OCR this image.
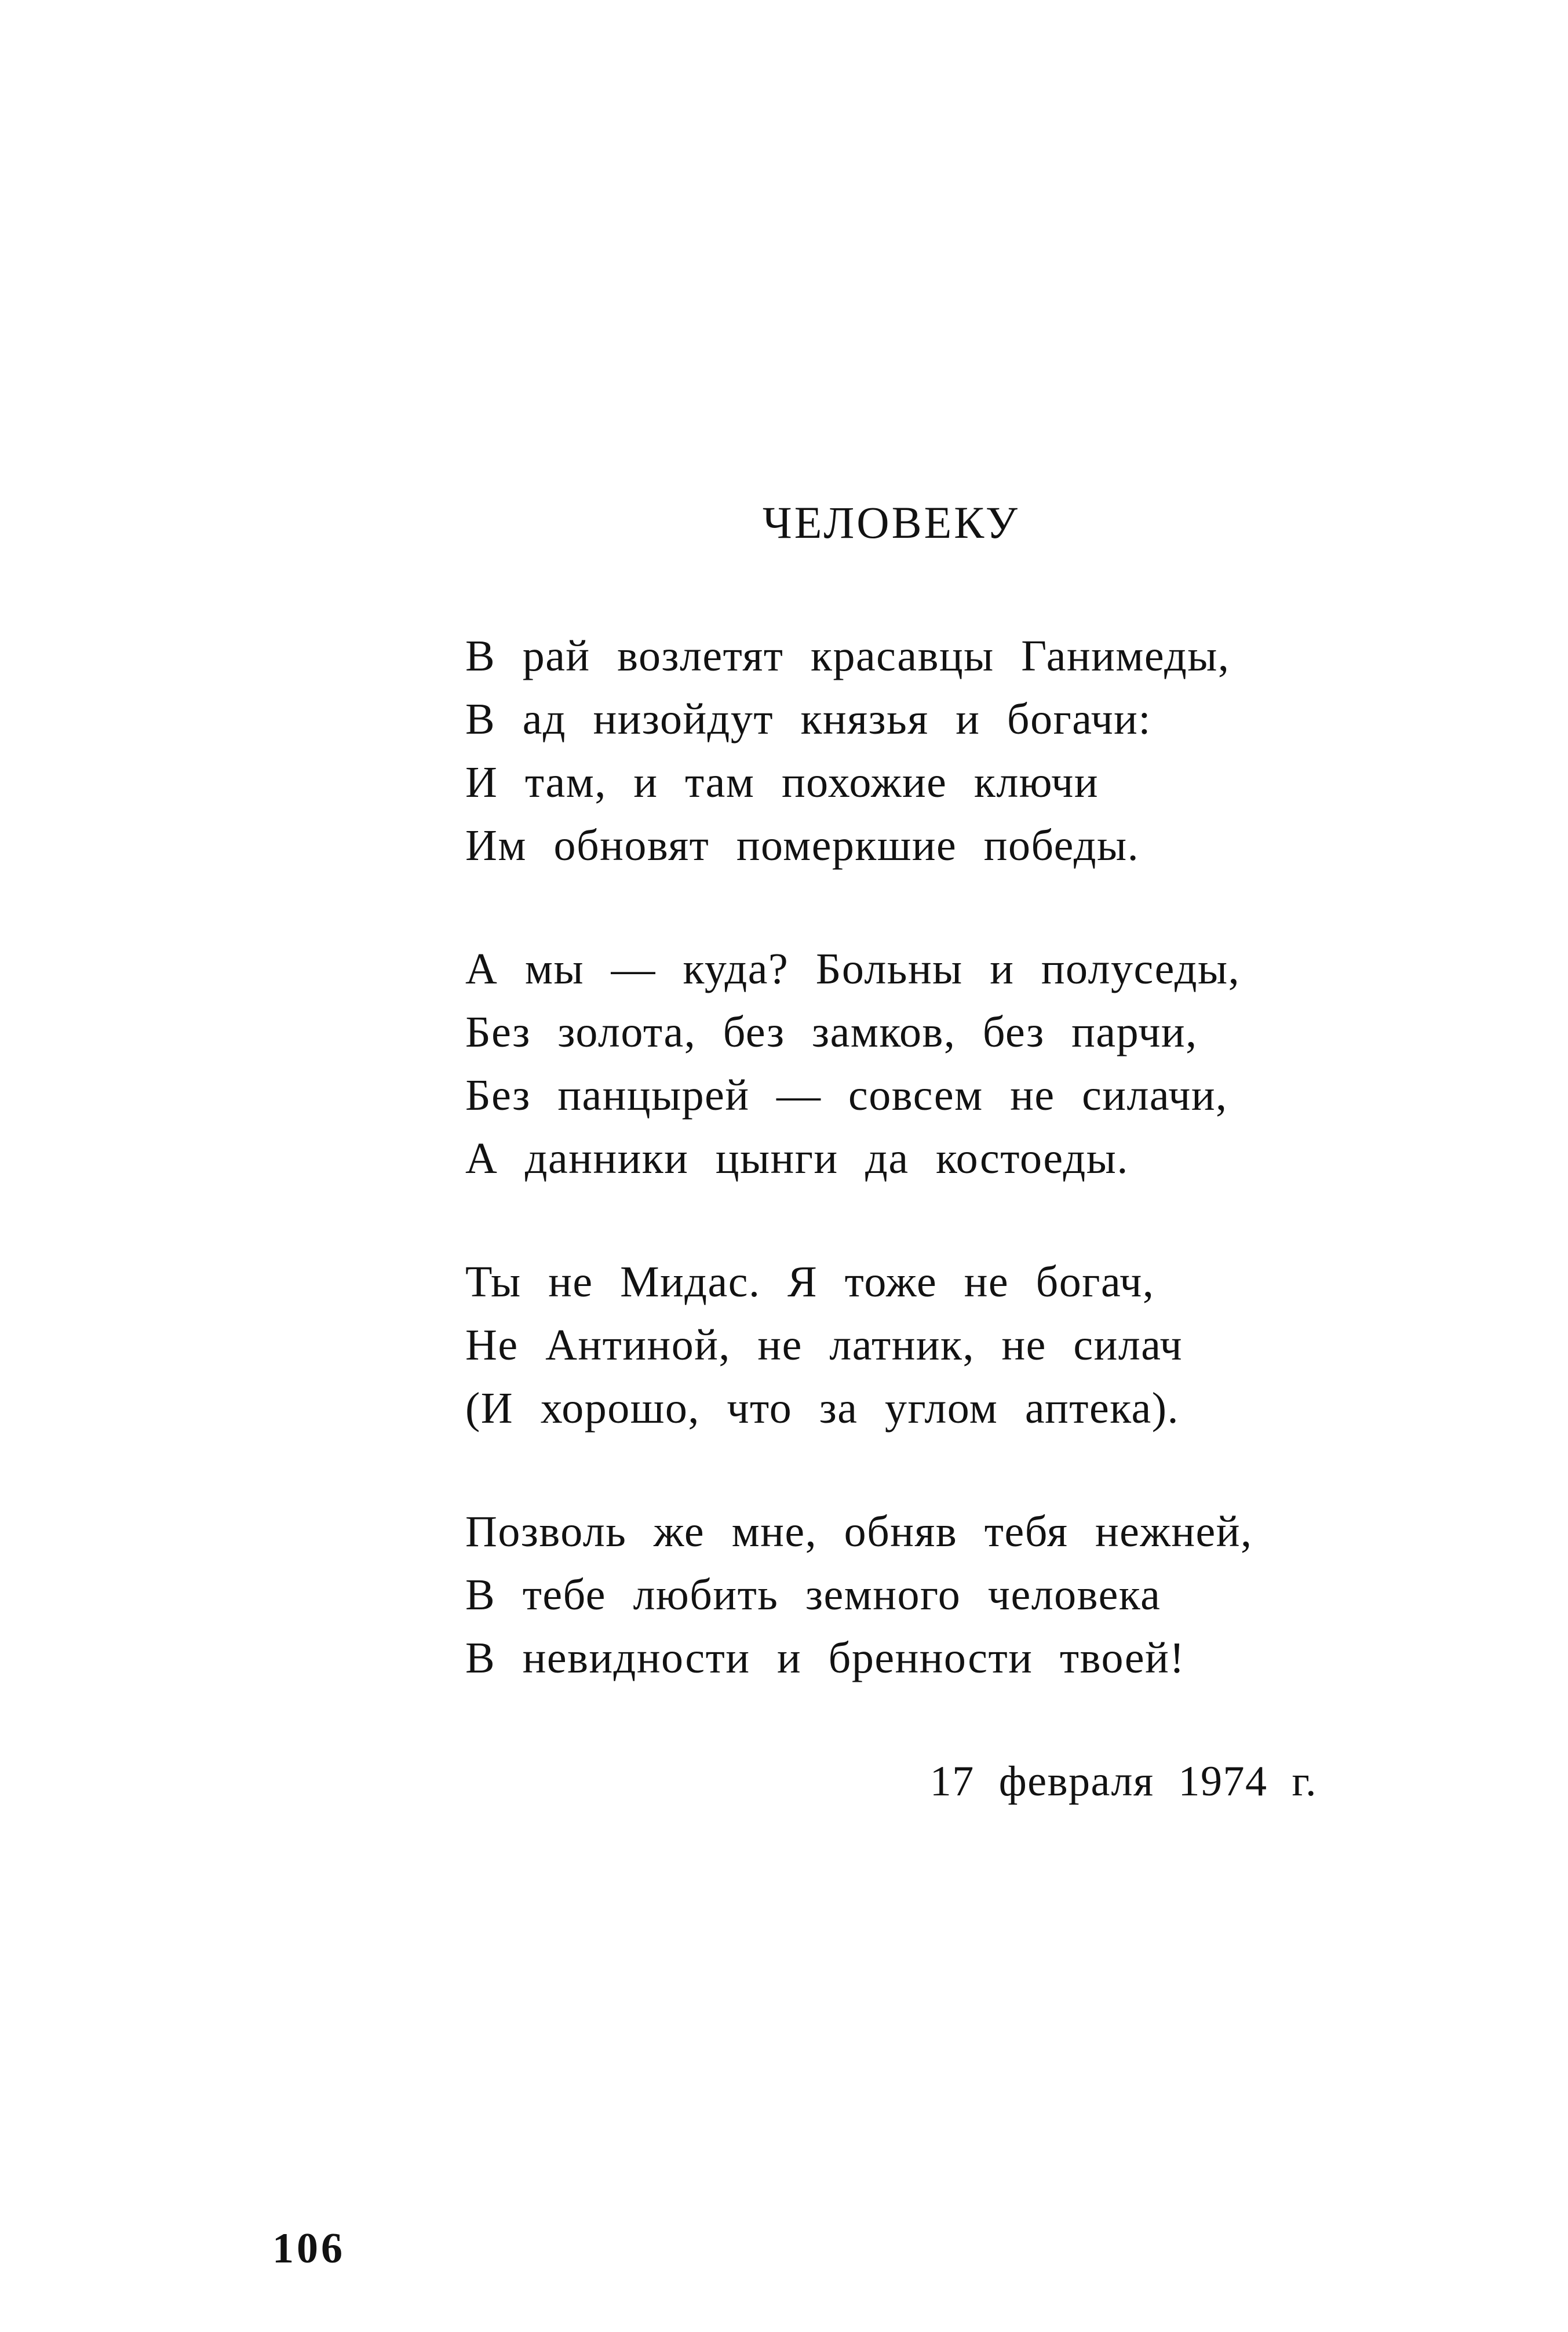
ЧЕЛОВЕКУ

В рай возлетят красавцы Ганимеды,

В ад низойдут князья и богачи:

И там, и там похожие ключи

Им обновят померкшие победы.

А мы — куда? Больны и полуседы,

Без золота, без замков, без парчи,

Без панцырей — совсем не силачи,

А данники цынги да костоеды.

Ты не Мидас. Я тоже не богач,

Не Антиной, не латник, не силач

(И хорошо, что за углом аптека).

Позволь же мне, обняв тебя нежней,

В тебе любить земного человека

В невидности и бренности твоей!

17 февраля 1974 г.

106
